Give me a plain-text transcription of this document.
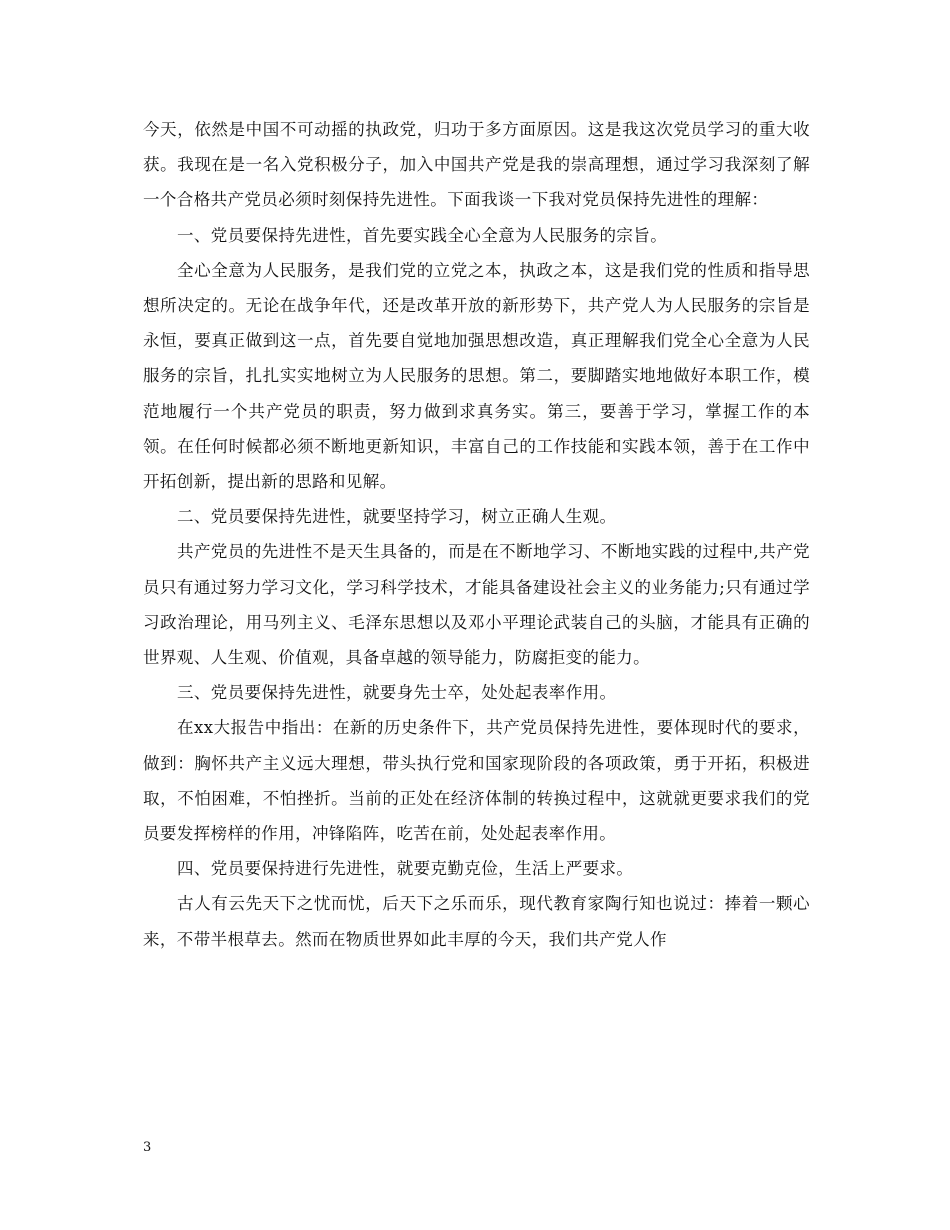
今天，依然是中国不可动摇的执政党，归功于多方面原因。这是我这次党员学习的重大收获。我现在是一名入党积极分子，加入中国共产党是我的崇高理想，通过学习我深刻了解一个合格共产党员必须时刻保持先进性。下面我谈一下我对党员保持先进性的理解：

一、党员要保持先进性，首先要实践全心全意为人民服务的宗旨。

全心全意为人民服务，是我们党的立党之本，执政之本，这是我们党的性质和指导思想所决定的。无论在战争年代，还是改革开放的新形势下，共产党人为人民服务的宗旨是永恒，要真正做到这一点，首先要自觉地加强思想改造，真正理解我们党全心全意为人民服务的宗旨，扎扎实实地树立为人民服务的思想。第二，要脚踏实地地做好本职工作，模范地履行一个共产党员的职责，努力做到求真务实。第三，要善于学习，掌握工作的本领。在任何时候都必须不断地更新知识，丰富自己的工作技能和实践本领，善于在工作中开拓创新，提出新的思路和见解。

二、党员要保持先进性，就要坚持学习，树立正确人生观。

共产党员的先进性不是天生具备的，而是在不断地学习、不断地实践的过程中,共产党员只有通过努力学习文化，学习科学技术，才能具备建设社会主义的业务能力;只有通过学习政治理论，用马列主义、毛泽东思想以及邓小平理论武装自己的头脑，才能具有正确的世界观、人生观、价值观，具备卓越的领导能力，防腐拒变的能力。

三、党员要保持先进性，就要身先士卒，处处起表率作用。

在xx大报告中指出：在新的历史条件下，共产党员保持先进性，要体现时代的要求，做到：胸怀共产主义远大理想，带头执行党和国家现阶段的各项政策，勇于开拓，积极进取，不怕困难，不怕挫折。当前的正处在经济体制的转换过程中，这就就更要求我们的党员要发挥榜样的作用，冲锋陷阵，吃苦在前，处处起表率作用。

四、党员要保持进行先进性，就要克勤克俭，生活上严要求。

古人有云先天下之忧而忧，后天下之乐而乐，现代教育家陶行知也说过：捧着一颗心来，不带半根草去。然而在物质世界如此丰厚的今天，我们共产党人作

3
